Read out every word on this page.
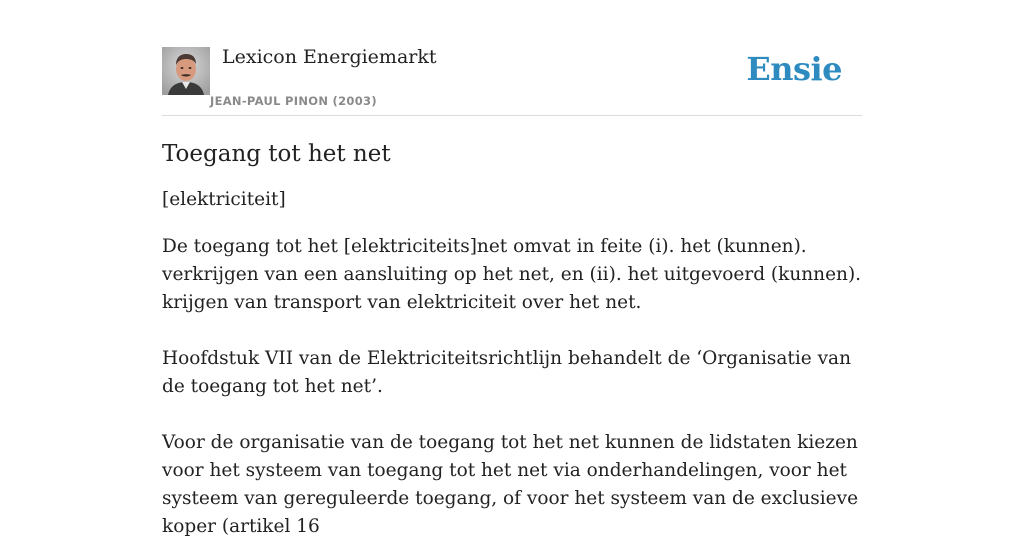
Lexicon Energiemarkt
JEAN-PAUL PINON (2003)
Ensie
Toegang tot het net

[elektriciteit]

De toegang tot het [elektriciteits]net omvat in feite (i). het (kunnen). verkrijgen van een aansluiting op het net, en (ii). het uitgevoerd (kunnen). krijgen van transport van elektriciteit over het net.

Hoofdstuk VII van de Elektriciteitsrichtlijn behandelt de ‘Organisatie van de toegang tot het net’.

Voor de organisatie van de toegang tot het net kunnen de lidstaten kiezen voor het systeem van toegang tot het net via onderhandelingen, voor het systeem van gereguleerde toegang, of voor het systeem van de exclusieve koper (artikel 16
